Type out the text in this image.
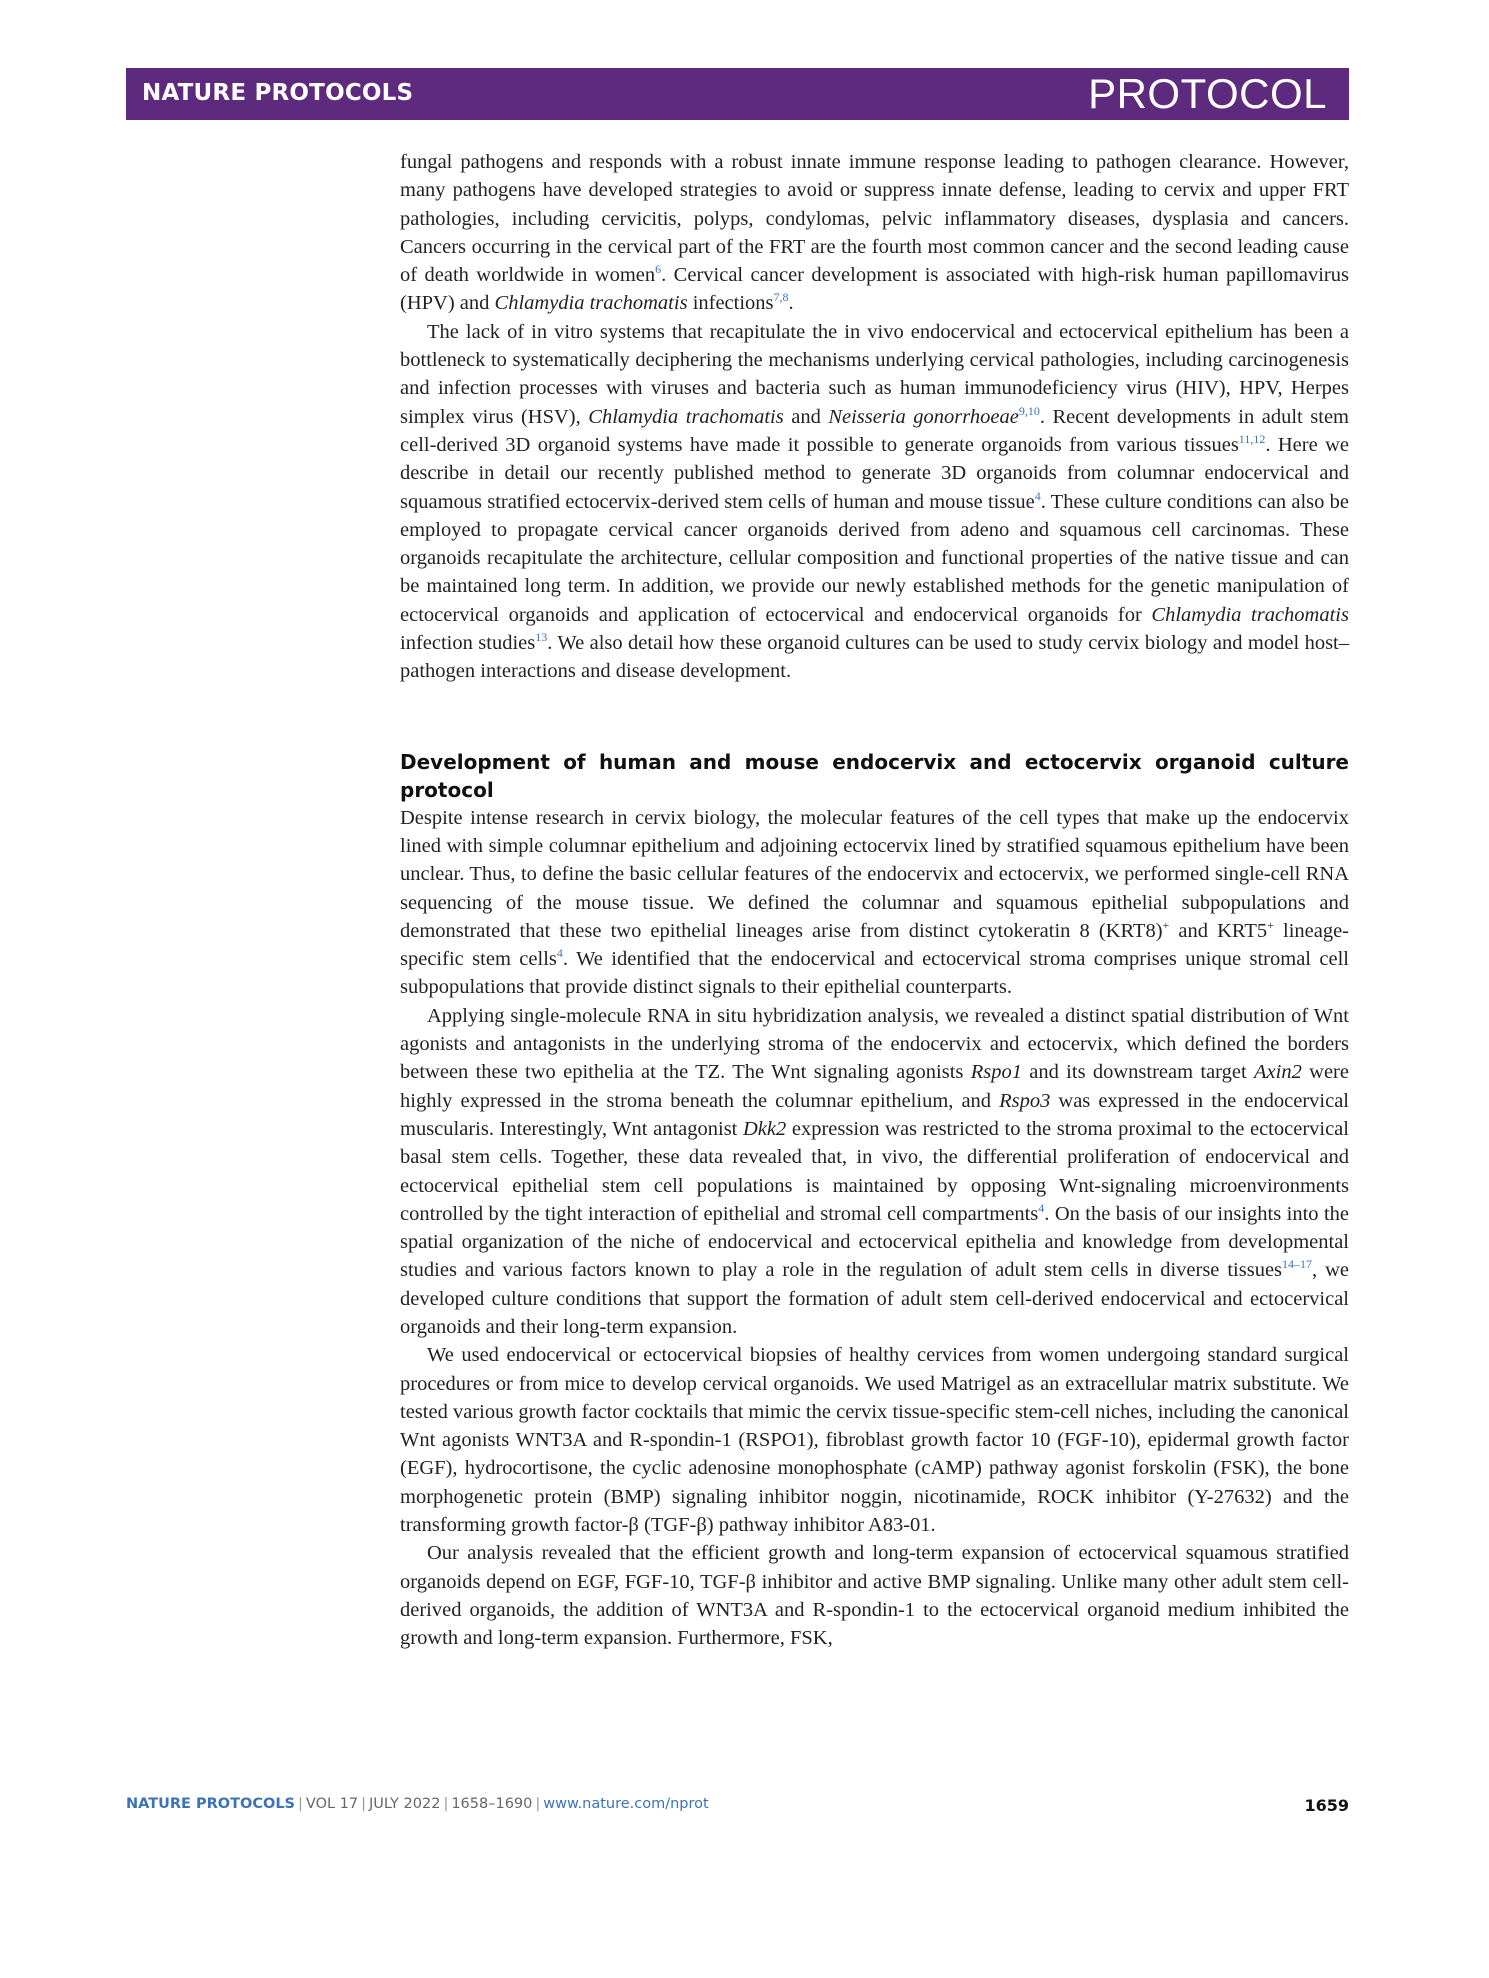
NATURE PROTOCOLS	PROTOCOL

fungal pathogens and responds with a robust innate immune response leading to pathogen clearance. However, many pathogens have developed strategies to avoid or suppress innate defense, leading to cervix and upper FRT pathologies, including cervicitis, polyps, condylomas, pelvic inflammatory diseases, dysplasia and cancers. Cancers occurring in the cervical part of the FRT are the fourth most common cancer and the second leading cause of death worldwide in women$^6$. Cervical cancer development is associated with high-risk human papillomavirus (HPV) and Chlamydia trachomatis infections$^{7,8}$.

The lack of in vitro systems that recapitulate the in vivo endocervical and ectocervical epithelium has been a bottleneck to systematically deciphering the mechanisms underlying cervical pathologies, including carcinogenesis and infection processes with viruses and bacteria such as human immunodeficiency virus (HIV), HPV, Herpes simplex virus (HSV), Chlamydia trachomatis and Neisseria gonorrhoeae$^{9,10}$. Recent developments in adult stem cell-derived 3D organoid systems have made it possible to generate organoids from various tissues$^{11,12}$. Here we describe in detail our recently published method to generate 3D organoids from columnar endocervical and squamous stratified ectocervix-derived stem cells of human and mouse tissue$^4$. These culture conditions can also be employed to propagate cervical cancer organoids derived from adeno and squamous cell carcinomas. These organoids recapitulate the architecture, cellular composition and functional properties of the native tissue and can be maintained long term. In addition, we provide our newly established methods for the genetic manipulation of ectocervical organoids and application of ectocervical and endocervical organoids for Chlamydia trachomatis infection studies$^{13}$. We also detail how these organoid cultures can be used to study cervix biology and model host–pathogen interactions and disease development.

Development of human and mouse endocervix and ectocervix organoid culture protocol

Despite intense research in cervix biology, the molecular features of the cell types that make up the endocervix lined with simple columnar epithelium and adjoining ectocervix lined by stratified squamous epithelium have been unclear. Thus, to define the basic cellular features of the endocervix and ectocervix, we performed single-cell RNA sequencing of the mouse tissue. We defined the columnar and squamous epithelial subpopulations and demonstrated that these two epithelial lineages arise from distinct cytokeratin 8 (KRT8)+ and KRT5+ lineage-specific stem cells$^4$. We identified that the endocervical and ectocervical stroma comprises unique stromal cell subpopulations that provide distinct signals to their epithelial counterparts.

Applying single-molecule RNA in situ hybridization analysis, we revealed a distinct spatial distribution of Wnt agonists and antagonists in the underlying stroma of the endocervix and ectocervix, which defined the borders between these two epithelia at the TZ. The Wnt signaling agonists Rspo1 and its downstream target Axin2 were highly expressed in the stroma beneath the columnar epithelium, and Rspo3 was expressed in the endocervical muscularis. Interestingly, Wnt antagonist Dkk2 expression was restricted to the stroma proximal to the ectocervical basal stem cells. Together, these data revealed that, in vivo, the differential proliferation of endocervical and ectocervical epithelial stem cell populations is maintained by opposing Wnt-signaling microenvironments controlled by the tight interaction of epithelial and stromal cell compartments$^4$. On the basis of our insights into the spatial organization of the niche of endocervical and ectocervical epithelia and knowledge from developmental studies and various factors known to play a role in the regulation of adult stem cells in diverse tissues$^{14-17}$, we developed culture conditions that support the formation of adult stem cell-derived endocervical and ectocervical organoids and their long-term expansion.

We used endocervical or ectocervical biopsies of healthy cervices from women undergoing standard surgical procedures or from mice to develop cervical organoids. We used Matrigel as an extracellular matrix substitute. We tested various growth factor cocktails that mimic the cervix tissue-specific stem-cell niches, including the canonical Wnt agonists WNT3A and R-spondin-1 (RSPO1), fibroblast growth factor 10 (FGF-10), epidermal growth factor (EGF), hydrocortisone, the cyclic adenosine monophosphate (cAMP) pathway agonist forskolin (FSK), the bone morphogenetic protein (BMP) signaling inhibitor noggin, nicotinamide, ROCK inhibitor (Y-27632) and the transforming growth factor-β (TGF-β) pathway inhibitor A83-01.

Our analysis revealed that the efficient growth and long-term expansion of ectocervical squamous stratified organoids depend on EGF, FGF-10, TGF-β inhibitor and active BMP signaling. Unlike many other adult stem cell-derived organoids, the addition of WNT3A and R-spondin-1 to the ectocervical organoid medium inhibited the growth and long-term expansion. Furthermore, FSK,

NATURE PROTOCOLS | VOL 17 | JULY 2022 | 1658–1690 | www.nature.com/nprot	1659
